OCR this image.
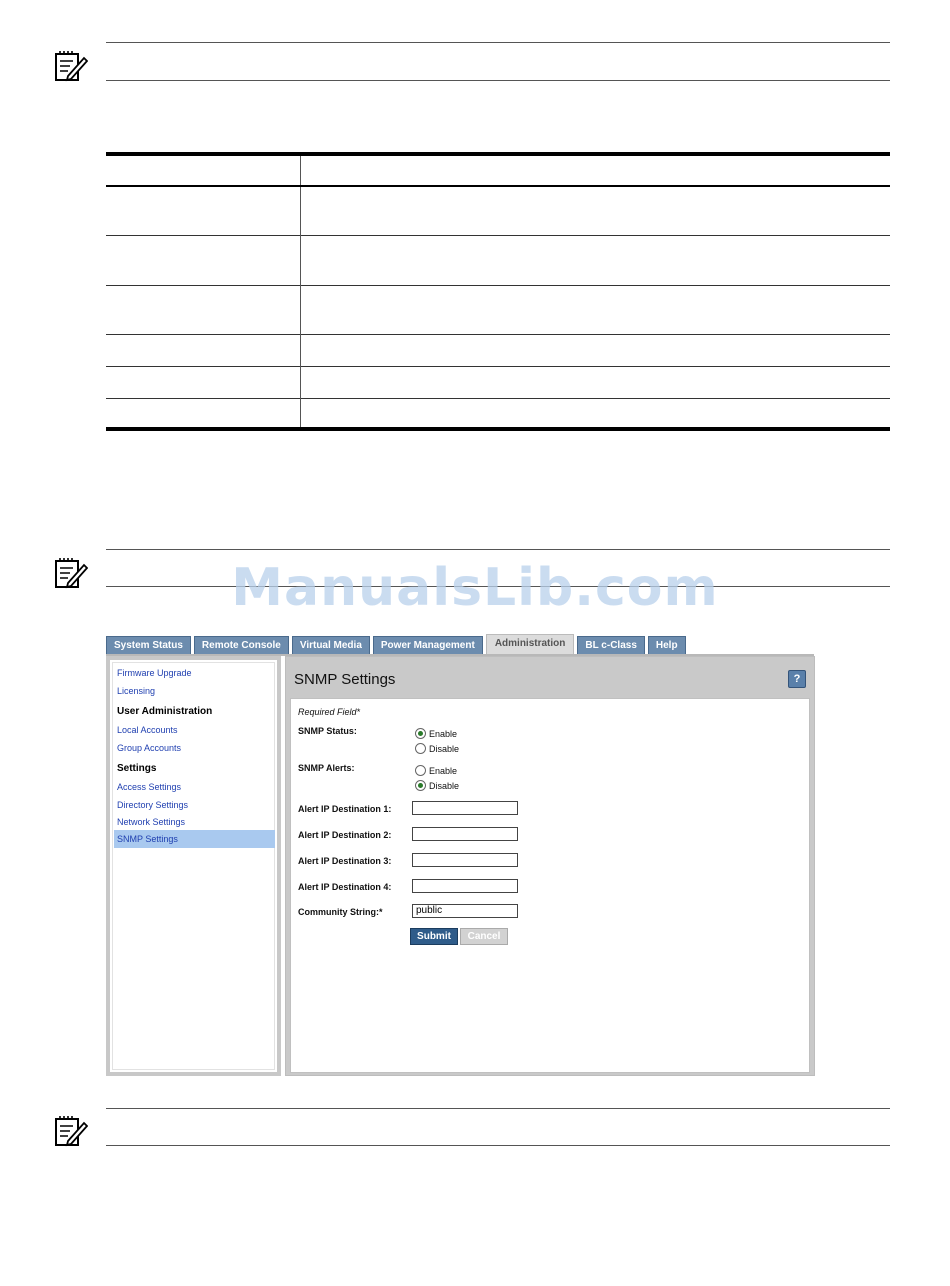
ManualsLib.com
System Status	Remote Console	Virtual Media	Power Management	Administration	BL c-Class	Help
Firmware Upgrade
Licensing
User Administration
Local Accounts
Group Accounts
Settings
Access Settings
Directory Settings
Network Settings
SNMP Settings
SNMP Settings	?
Required Field*
SNMP Status:	Enable
Disable
SNMP Alerts:	Enable
Disable
Alert IP Destination 1:
Alert IP Destination 2:
Alert IP Destination 3:
Alert IP Destination 4:
Community String:*	public
Submit	Cancel
